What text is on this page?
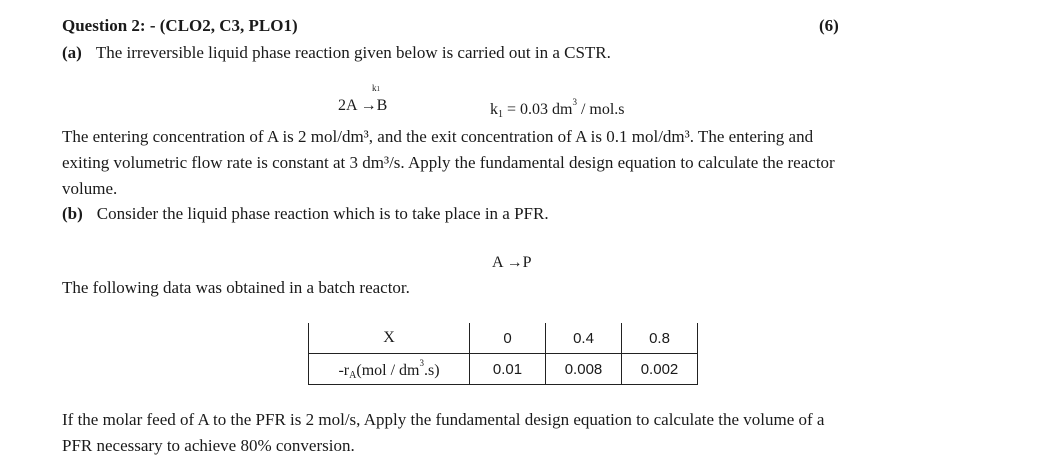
Question 2: - (CLO2, C3, PLO1)	(6)
(a) The irreversible liquid phase reaction given below is carried out in a CSTR.
k1
2A →B	$k_1 = 0.03$ $dm^3 / mol.s$
The entering concentration of A is 2 mol/dm³, and the exit concentration of A is 0.1 mol/dm³. The entering and
exiting volumetric flow rate is constant at 3 dm³/s. Apply the fundamental design equation to calculate the reactor
volume.
(b) Consider the liquid phase reaction which is to take place in a PFR.
A →P
The following data was obtained in a batch reactor.
X	0	0.4	0.8
$-r_A(mol / dm^3.s)$	0.01	0.008	0.002
If the molar feed of A to the PFR is 2 mol/s, Apply the fundamental design equation to calculate the volume of a
PFR necessary to achieve 80% conversion.
